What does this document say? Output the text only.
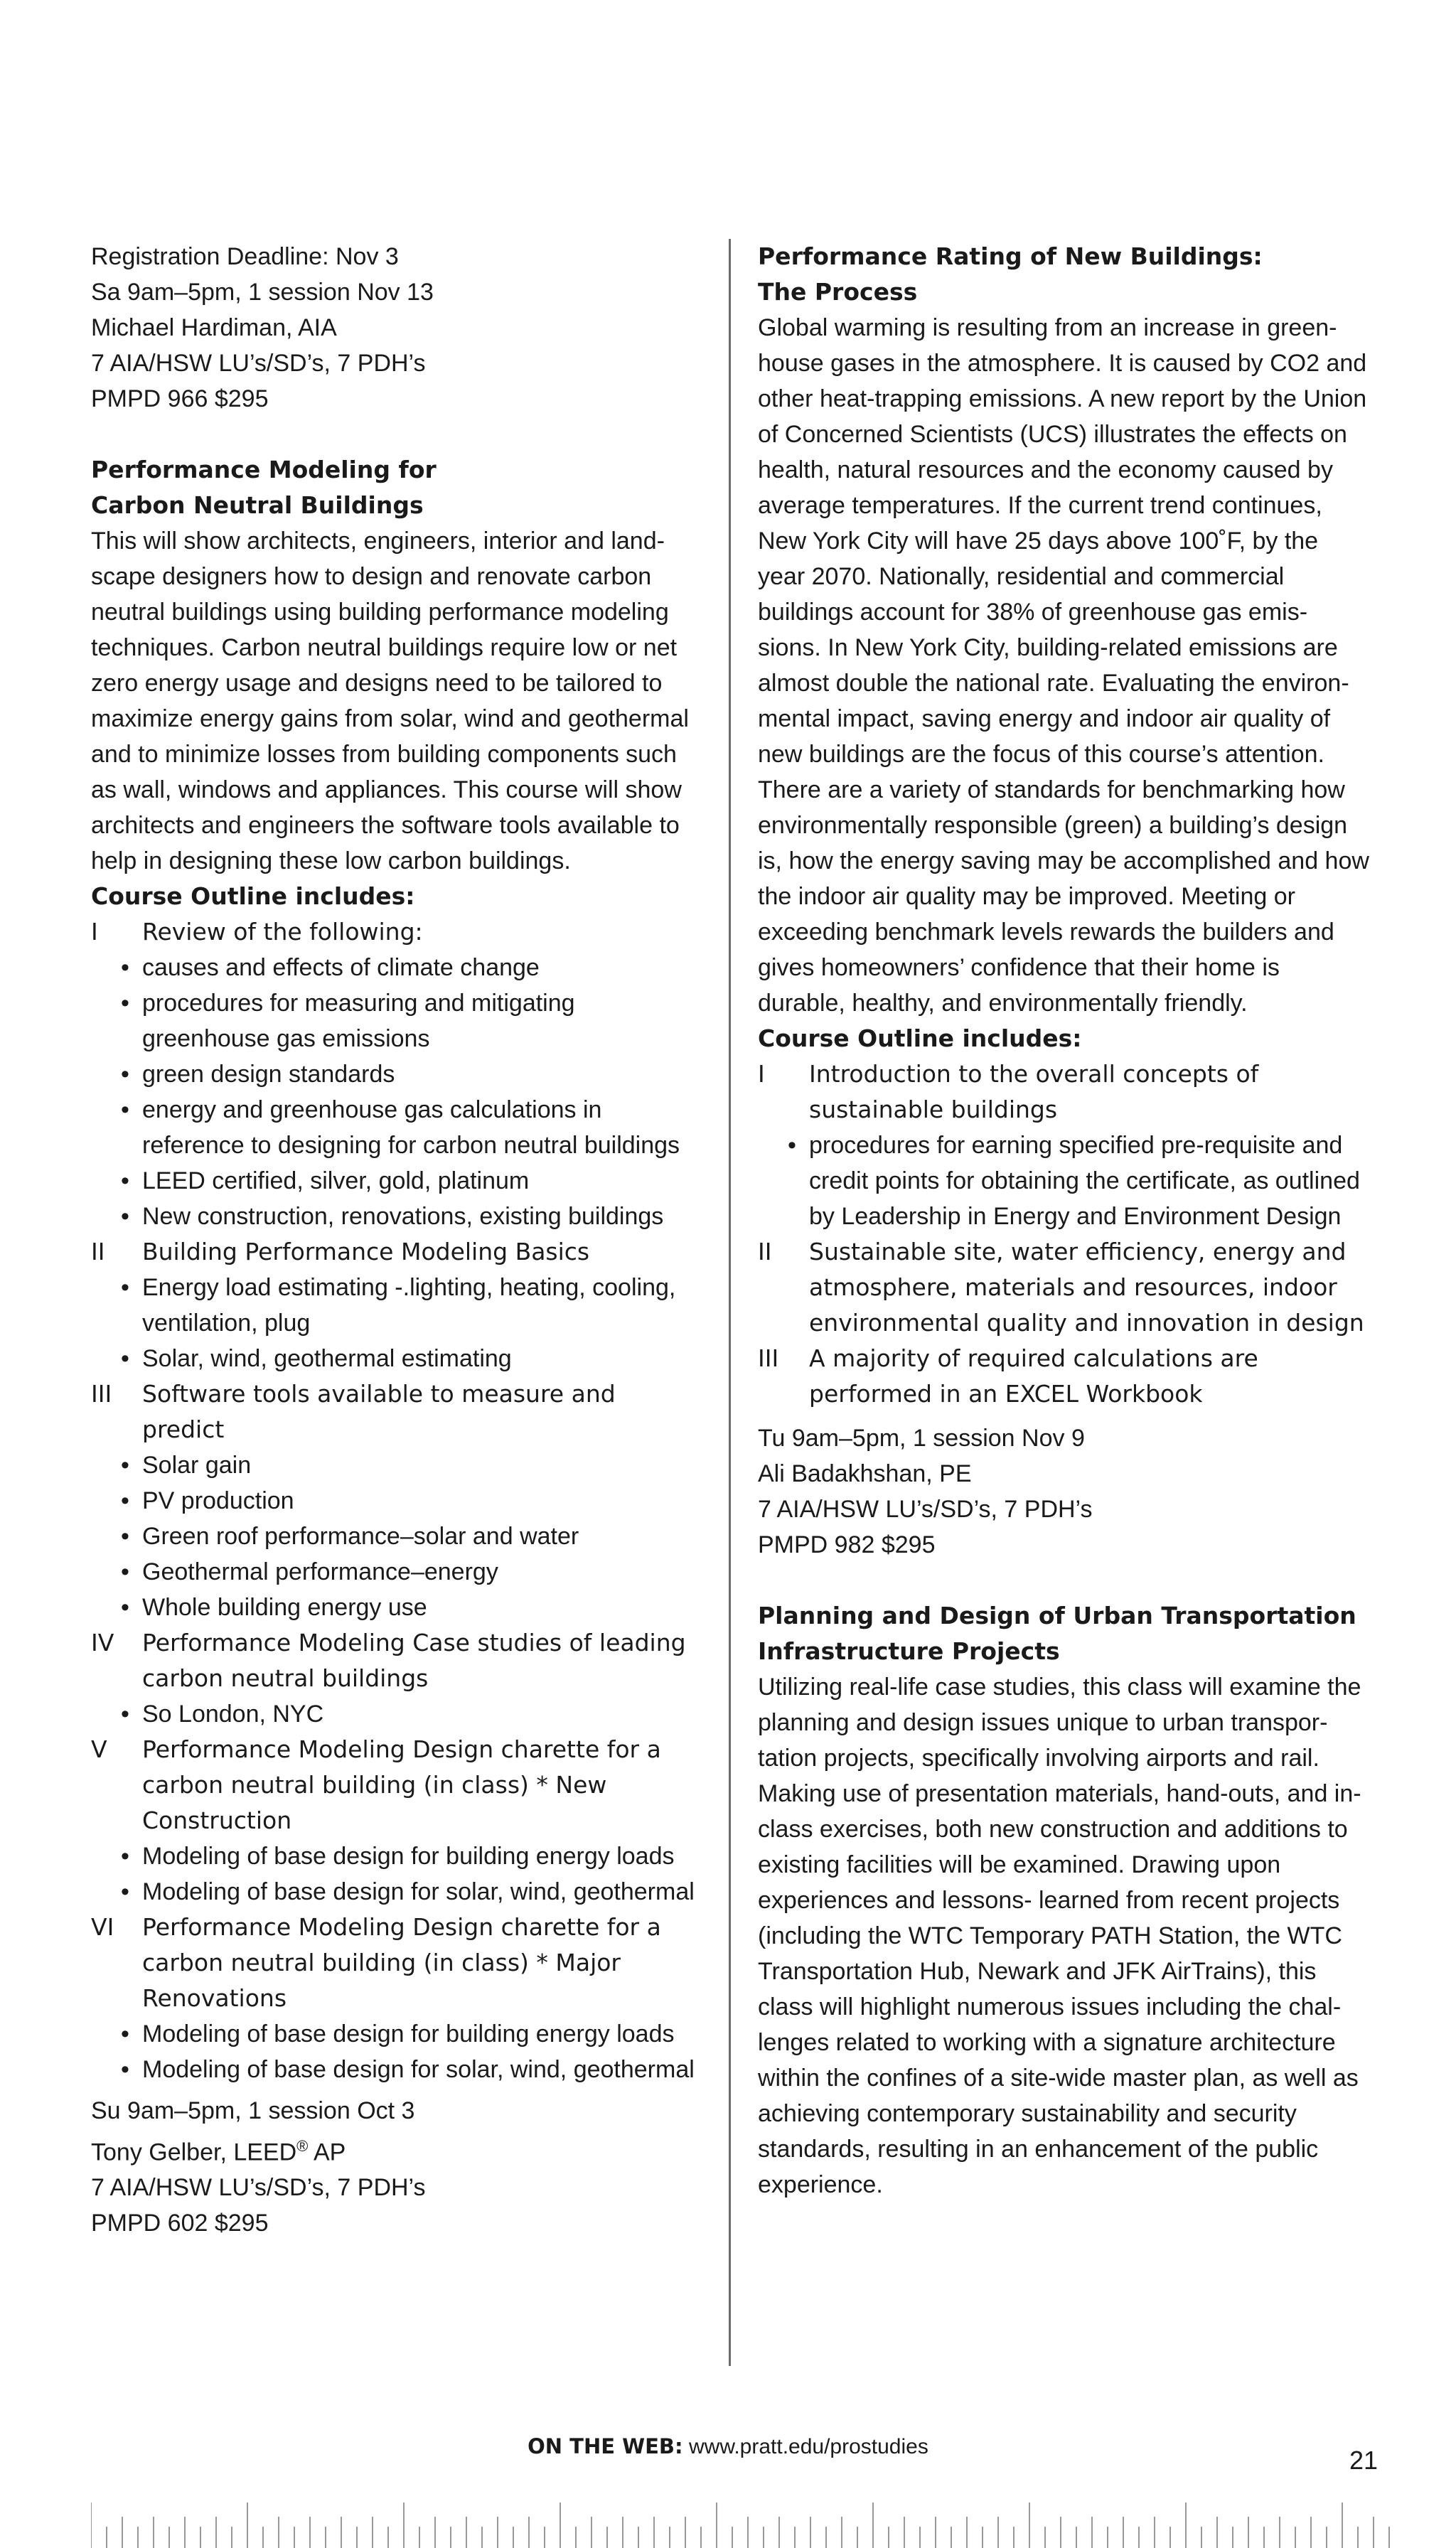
Registration Deadline: Nov 3

Sa 9am–5pm, 1 session Nov 13

Michael Hardiman, AIA

7 AIA/HSW LU’s/SD’s, 7 PDH’s

PMPD 966 $295

Performance Modeling for

Carbon Neutral Buildings

This will show architects, engineers, interior and land- scape designers how to design and renovate carbon neutral buildings using building performance modeling techniques. Carbon neutral buildings require low or net zero energy usage and designs need to be tailored to maximize energy gains from solar, wind and geothermal and to minimize losses from building components such as wall, windows and appliances. This course will show architects and engineers the software tools available to help in designing these low carbon buildings.

Course Outline includes:

I	Review of the following:
• causes and effects of climate change
• procedures for measuring and mitigating greenhouse gas emissions
• green design standards
• energy and greenhouse gas calculations in reference to designing for carbon neutral buildings
• LEED certified, silver, gold, platinum
• New construction, renovations, existing buildings
II	Building Performance Modeling Basics
• Energy load estimating -.lighting, heating, cooling, ventilation, plug
• Solar, wind, geothermal estimating
III	Software tools available to measure and predict
• Solar gain
• PV production
• Green roof performance–solar and water
• Geothermal performance–energy
• Whole building energy use
IV	Performance Modeling Case studies of leading carbon neutral buildings
• So London, NYC
V	Performance Modeling Design charette for a carbon neutral building (in class) * New Construction
• Modeling of base design for building energy loads
• Modeling of base design for solar, wind, geothermal
VI	Performance Modeling Design charette for a carbon neutral building (in class) * Major Renovations
• Modeling of base design for building energy loads
• Modeling of base design for solar, wind, geothermal

Su 9am–5pm, 1 session Oct 3

Tony Gelber, LEED® AP

7 AIA/HSW LU’s/SD’s, 7 PDH’s

PMPD 602 $295

Performance Rating of New Buildings:

The Process

Global warming is resulting from an increase in green- house gases in the atmosphere. It is caused by CO2 and other heat-trapping emissions. A new report by the Union of Concerned Scientists (UCS) illustrates the effects on health, natural resources and the economy caused by average temperatures. If the current trend continues, New York City will have 25 days above 100˚F, by the year 2070. Nationally, residential and commercial buildings account for 38% of greenhouse gas emis- sions. In New York City, building-related emissions are almost double the national rate. Evaluating the environ- mental impact, saving energy and indoor air quality of new buildings are the focus of this course’s attention. There are a variety of standards for benchmarking how environmentally responsible (green) a building’s design is, how the energy saving may be accomplished and how the indoor air quality may be improved. Meeting or exceeding benchmark levels rewards the builders and gives homeowners’ confidence that their home is durable, healthy, and environmentally friendly.

Course Outline includes:

I	Introduction to the overall concepts of sustainable buildings
• procedures for earning specified pre-requisite and credit points for obtaining the certificate, as outlined by Leadership in Energy and Environment Design
II	Sustainable site, water efficiency, energy and atmosphere, materials and resources, indoor environmental quality and innovation in design
III	A majority of required calculations are performed in an EXCEL Workbook

Tu 9am–5pm, 1 session Nov 9

Ali Badakhshan, PE

7 AIA/HSW LU’s/SD’s, 7 PDH’s

PMPD 982 $295

Planning and Design of Urban Transportation

Infrastructure Projects

Utilizing real-life case studies, this class will examine the planning and design issues unique to urban transpor- tation projects, specifically involving airports and rail. Making use of presentation materials, hand-outs, and in-class exercises, both new construction and additions to existing facilities will be examined. Drawing upon experiences and lessons- learned from recent projects (including the WTC Temporary PATH Station, the WTC Transportation Hub, Newark and JFK AirTrains), this class will highlight numerous issues including the chal- lenges related to working with a signature architecture within the confines of a site-wide master plan, as well as achieving contemporary sustainability and security standards, resulting in an enhancement of the public experience.

ON THE WEB: www.pratt.edu/prostudies	21
